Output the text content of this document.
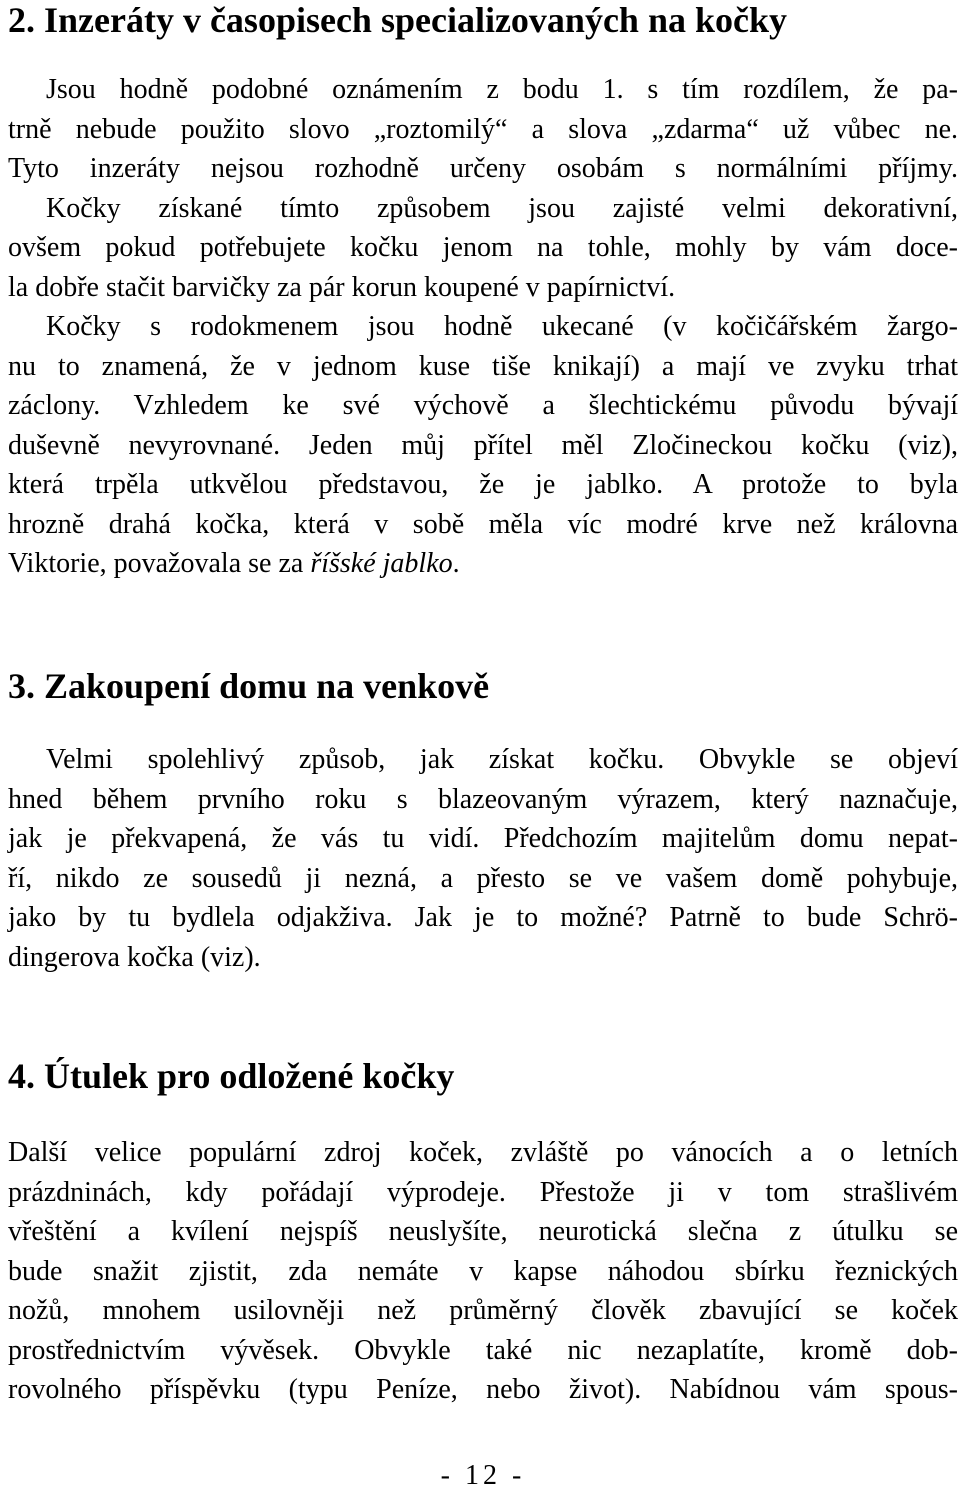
2. Inzeráty v časopisech specializovaných na kočky
Jsou hodně podobné oznámením z bodu 1. s tím rozdílem, že pa-
trně nebude použito slovo „roztomilý“ a slova „zdarma“ už vůbec ne.
Tyto inzeráty nejsou rozhodně určeny osobám s normálními příjmy.
Kočky získané tímto způsobem jsou zajisté velmi dekorativní,
ovšem pokud potřebujete kočku jenom na tohle, mohly by vám doce-
la dobře stačit barvičky za pár korun koupené v papírnictví.
Kočky s rodokmenem jsou hodně ukecané (v kočičářském žargo-
nu to znamená, že v jednom kuse tiše knikají) a mají ve zvyku trhat
záclony. Vzhledem ke své výchově a šlechtickému původu bývají
duševně nevyrovnané. Jeden můj přítel měl Zločineckou kočku (viz),
která trpěla utkvělou představou, že je jablko. A protože to byla
hrozně drahá kočka, která v sobě měla víc modré krve než královna
Viktorie, považovala se za říšské jablko.
3. Zakoupení domu na venkově
Velmi spolehlivý způsob, jak získat kočku. Obvykle se objeví
hned během prvního roku s blazeovaným výrazem, který naznačuje,
jak je překvapená, že vás tu vidí. Předchozím majitelům domu nepat-
ří, nikdo ze sousedů ji nezná, a přesto se ve vašem domě pohybuje,
jako by tu bydlela odjakživa. Jak je to možné? Patrně to bude Schrö-
dingerova kočka (viz).
4. Útulek pro odložené kočky
Další velice populární zdroj koček, zvláště po vánocích a o letních
prázdninách, kdy pořádají výprodeje. Přestože ji v tom strašlivém
vřeštění a kvílení nejspíš neuslyšíte, neurotická slečna z útulku se
bude snažit zjistit, zda nemáte v kapse náhodou sbírku řeznických
nožů, mnohem usilovněji než průměrný člověk zbavující se koček
prostřednictvím vývěsek. Obvykle také nic nezaplatíte, kromě dob-
rovolného příspěvku (typu Peníze, nebo život). Nabídnou vám spous-
- 12 -
